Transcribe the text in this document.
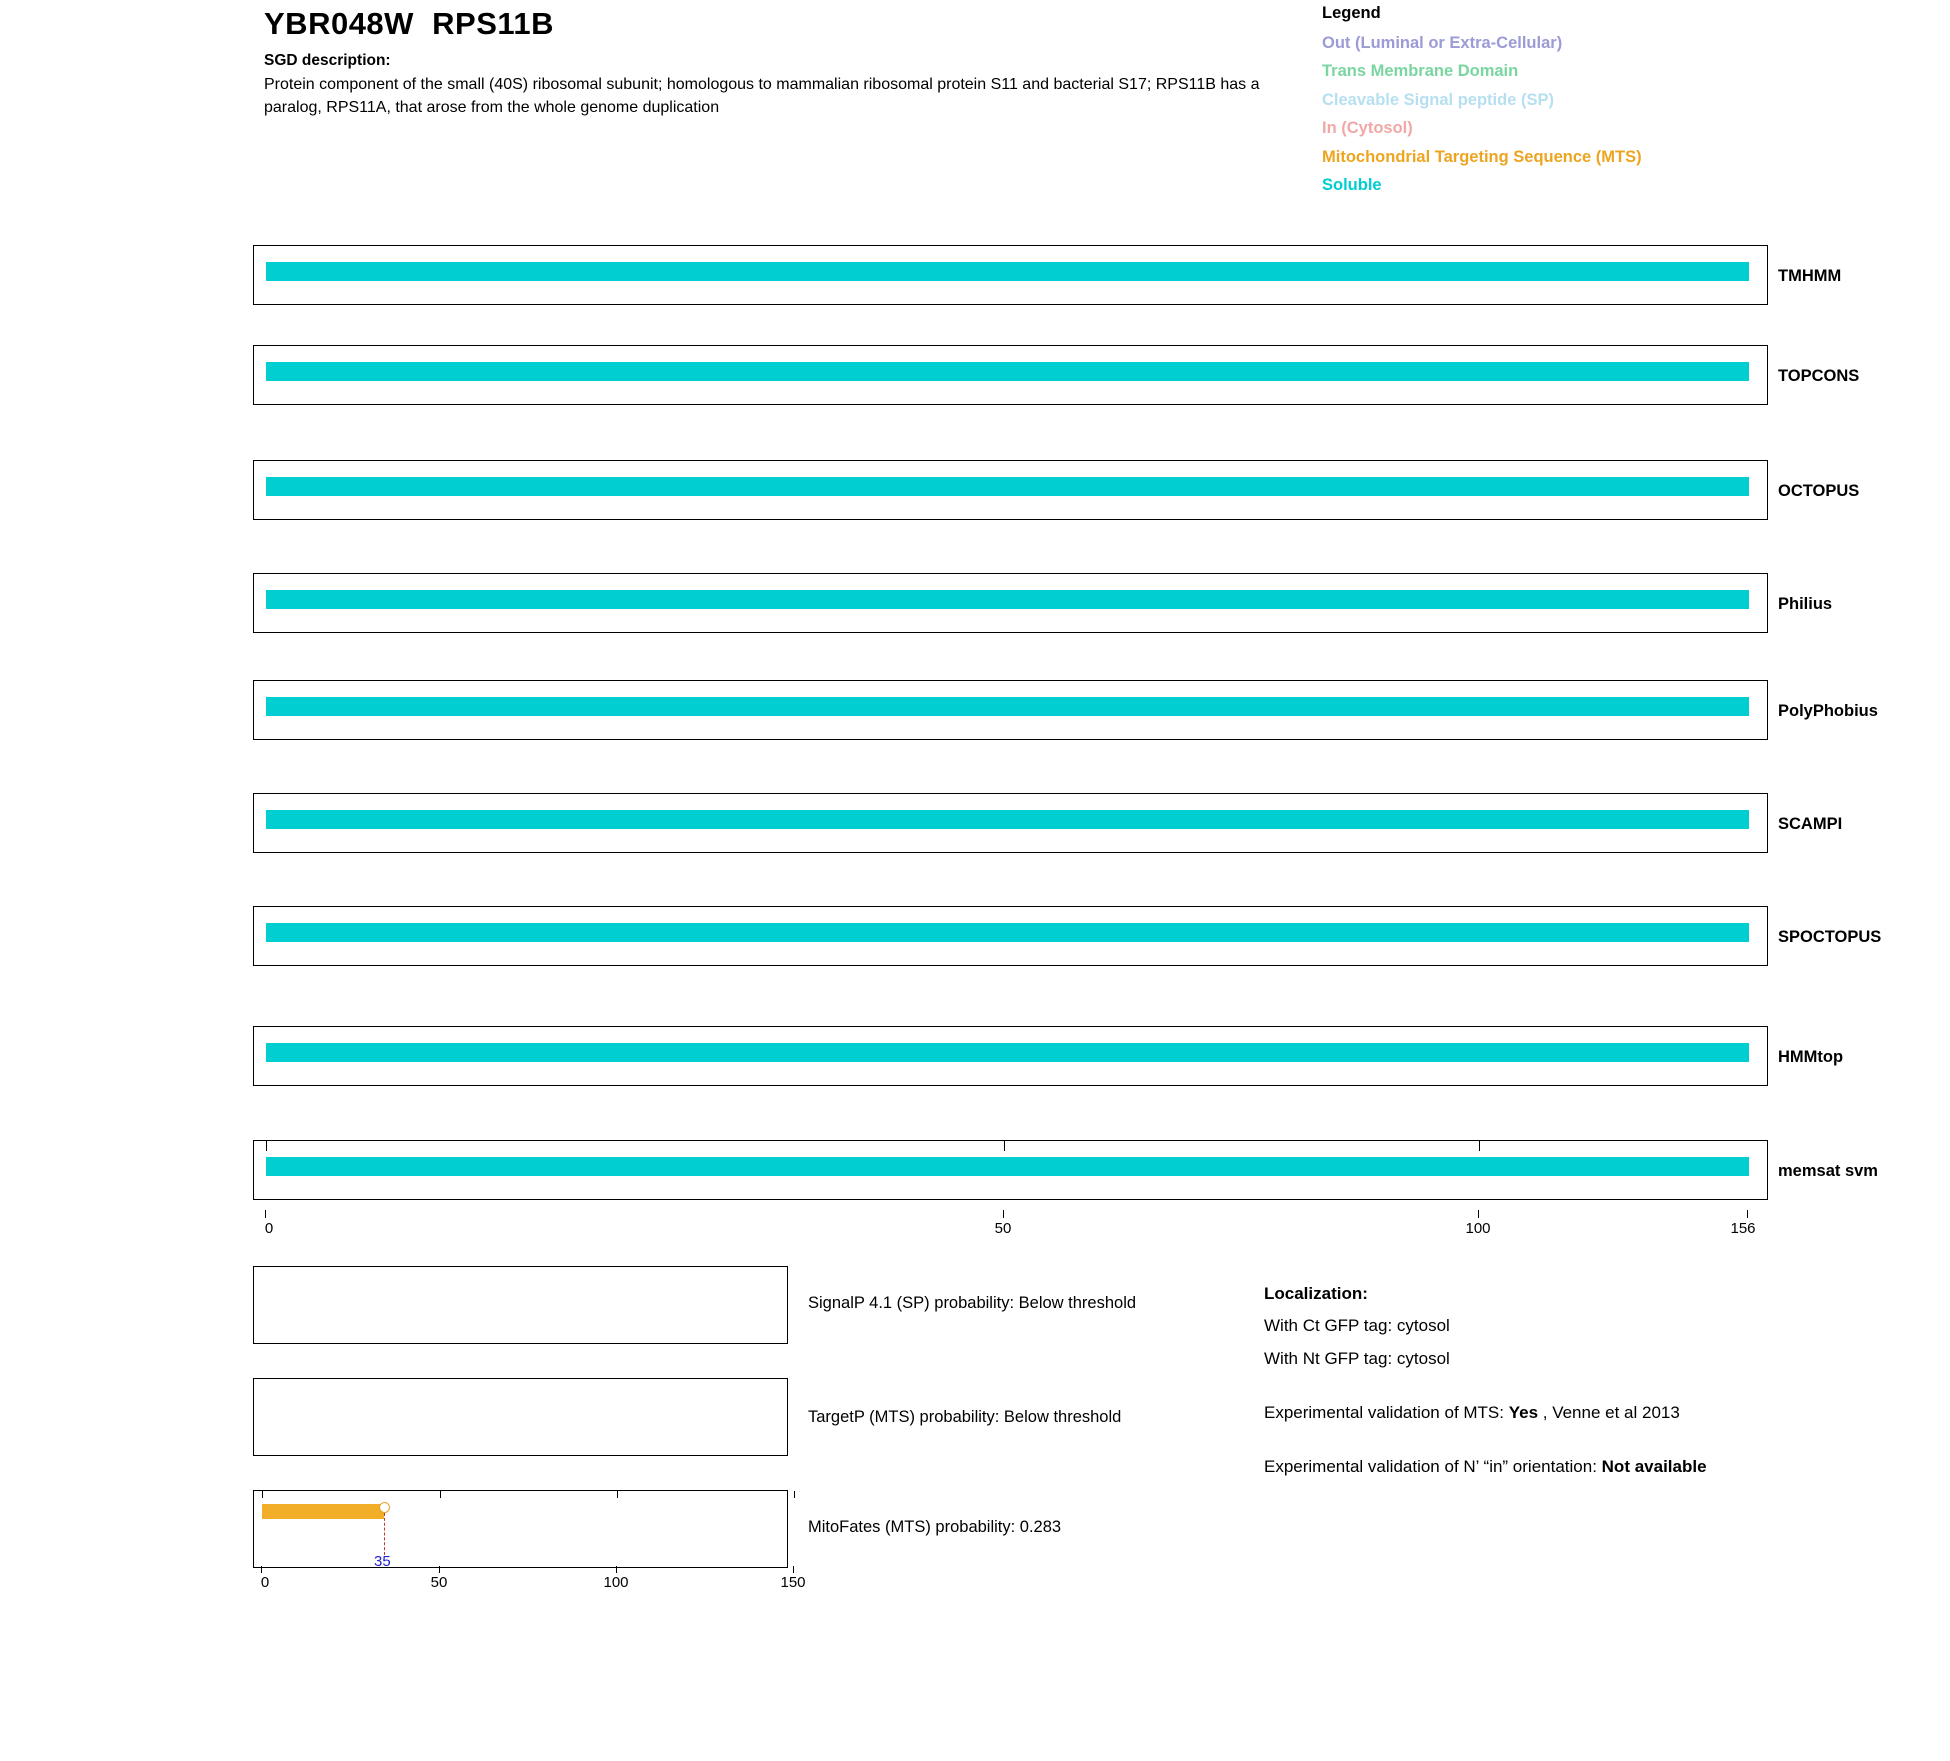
YBR048W  RPS11B
SGD description:
Protein component of the small (40S) ribosomal subunit; homologous to mammalian ribosomal protein S11 and bacterial S17; RPS11B has a paralog, RPS11A, that arose from the whole genome duplication
Legend
Out (Luminal or Extra-Cellular)
Trans Membrane Domain
Cleavable Signal peptide (SP)
In (Cytosol)
Mitochondrial Targeting Sequence (MTS)
Soluble
TMHMM
TOPCONS
OCTOPUS
Philius
PolyPhobius
SCAMPI
SPOCTOPUS
HMMtop
memsat svm
0	50	100	156
SignalP 4.1 (SP) probability: Below threshold
TargetP (MTS) probability: Below threshold
35
MitoFates (MTS) probability: 0.283
0	50	100	150
Localization:
With Ct GFP tag: cytosol
With Nt GFP tag: cytosol
Experimental validation of MTS: Yes , Venne et al 2013
Experimental validation of N’ “in” orientation: Not available
